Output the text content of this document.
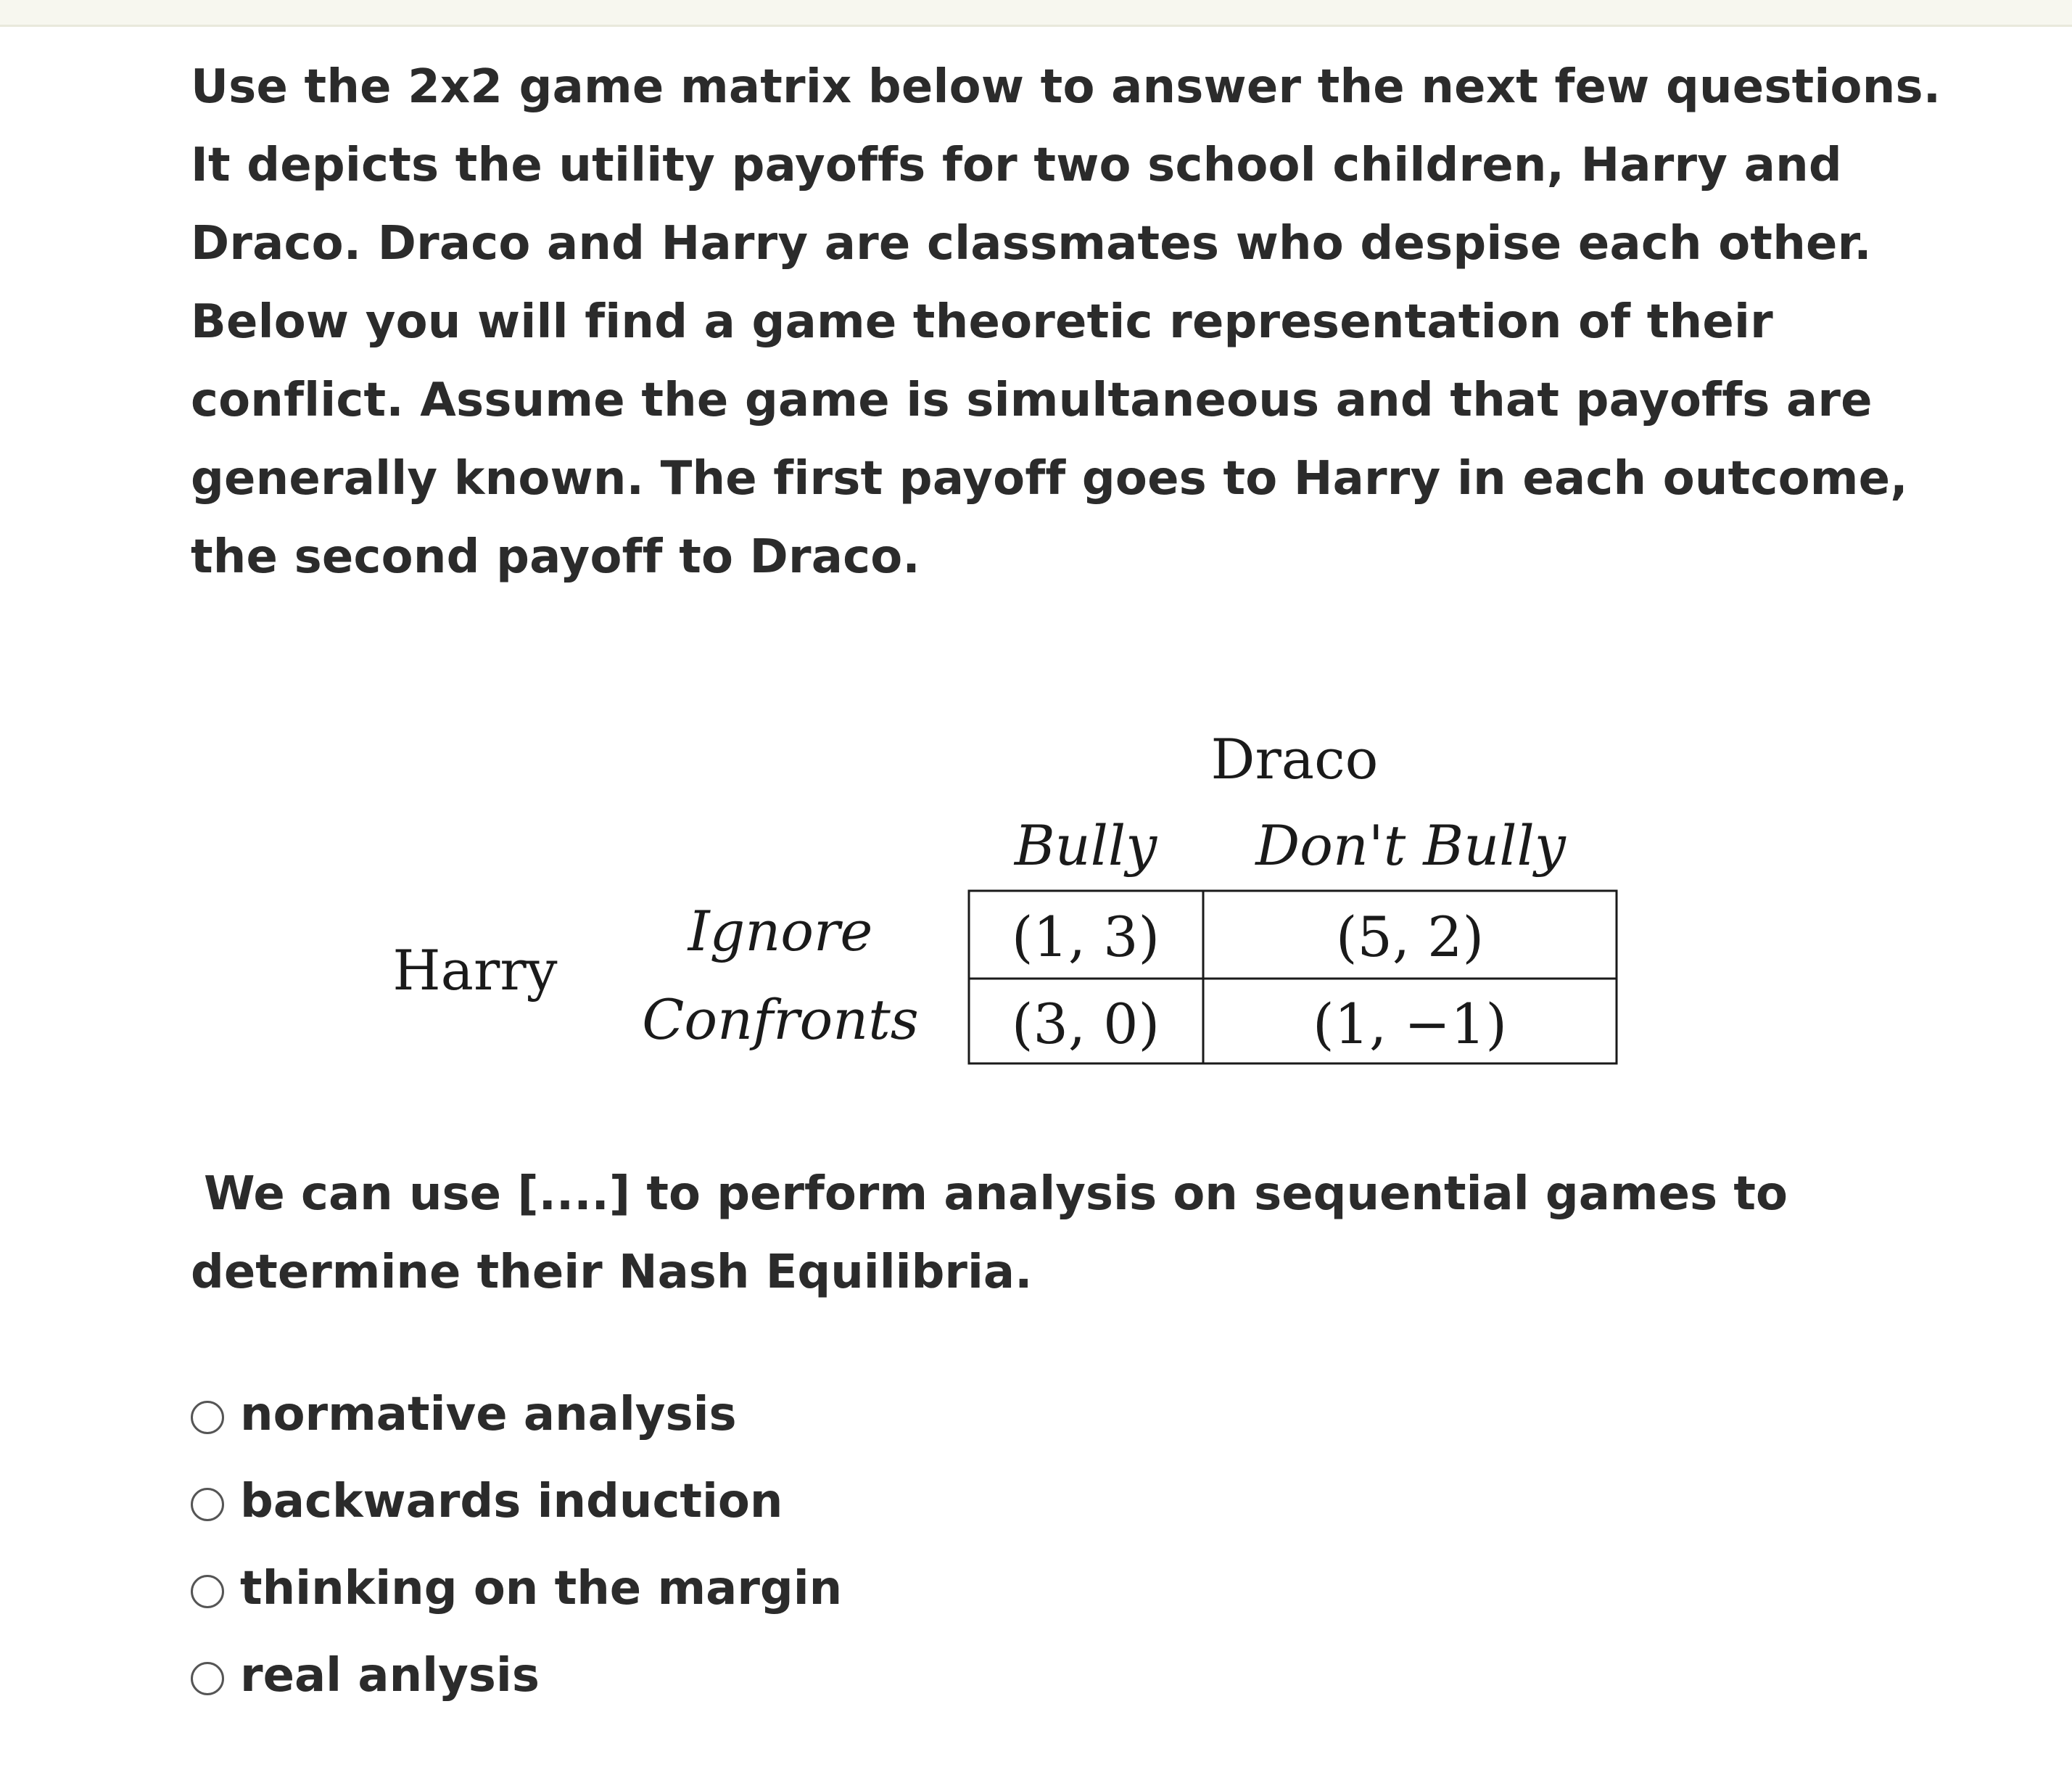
Use the 2x2 game matrix below to answer the next few questions.
It depicts the utility payoffs for two school children, Harry and
Draco. Draco and Harry are classmates who despise each other.
Below you will find a game theoretic representation of their
conflict. Assume the game is simultaneous and that payoffs are
generally known. The first payoff goes to Harry in each outcome,
the second payoff to Draco.

Draco
Bully Don't Bully
Harry
Ignore
Confronts
(1, 3)	(5, 2)
(3, 0)	(1, −1)

We can use [....] to perform analysis on sequential games to
determine their Nash Equilibria.

normative analysis
backwards induction
thinking on the margin
real anlysis
